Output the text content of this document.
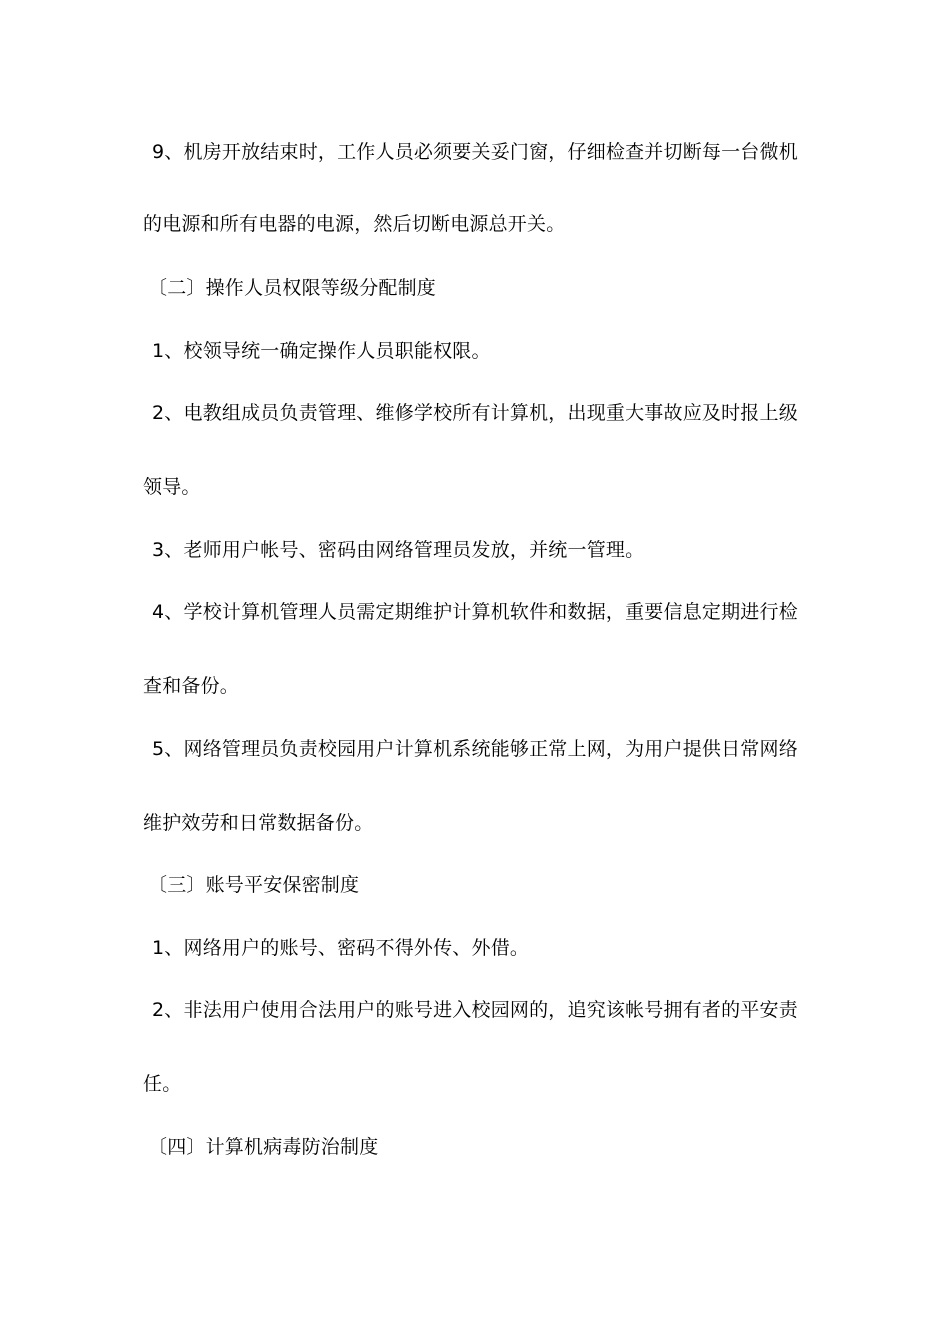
9、机房开放结束时，工作人员必须要关妥门窗，仔细检查并切断每一台微机
的电源和所有电器的电源，然后切断电源总开关。
〔二〕操作人员权限等级分配制度
1、校领导统一确定操作人员职能权限。
2、电教组成员负责管理、维修学校所有计算机，出现重大事故应及时报上级
领导。
3、老师用户帐号、密码由网络管理员发放，并统一管理。
4、学校计算机管理人员需定期维护计算机软件和数据，重要信息定期进行检
查和备份。
5、网络管理员负责校园用户计算机系统能够正常上网，为用户提供日常网络
维护效劳和日常数据备份。
〔三〕账号平安保密制度
1、网络用户的账号、密码不得外传、外借。
2、非法用户使用合法用户的账号进入校园网的，追究该帐号拥有者的平安责
任。
〔四〕计算机病毒防治制度
